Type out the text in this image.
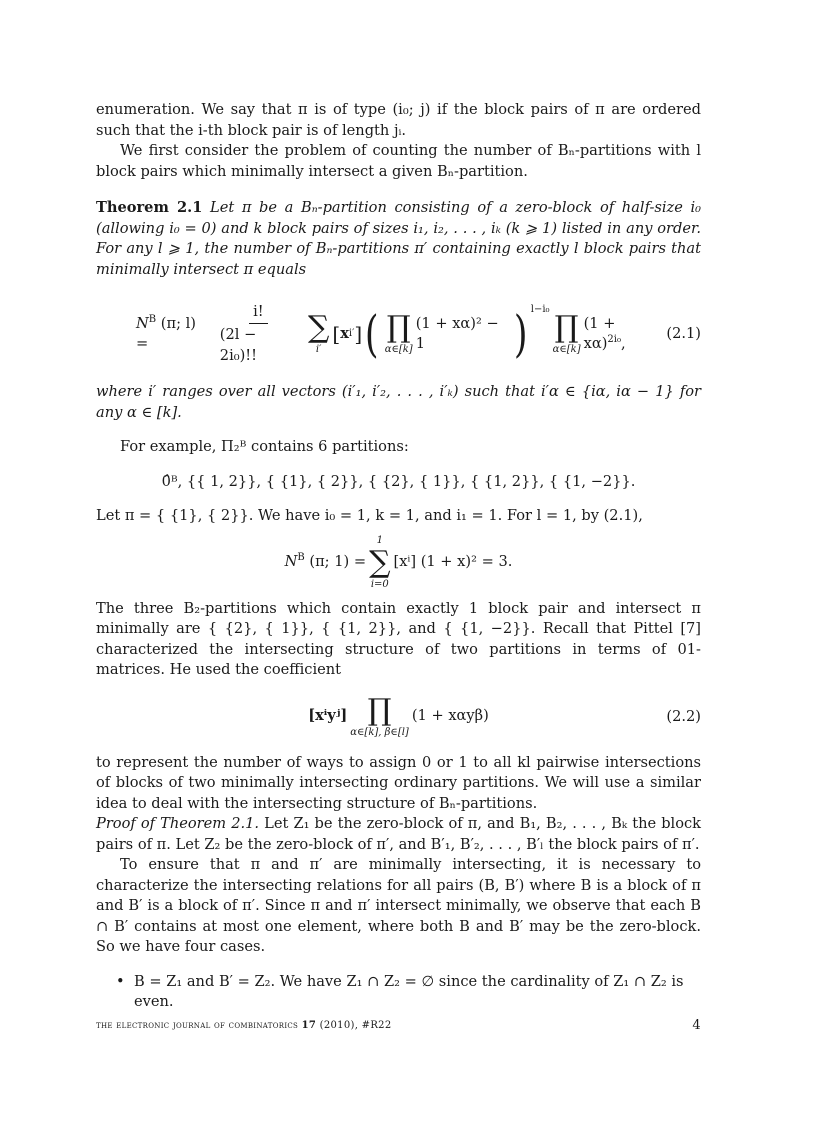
enumeration. We say that π is of type (i₀; j) if the block pairs of π are ordered such that the i-th block pair is of length jᵢ.

We first consider the problem of counting the number of Bₙ-partitions with l block pairs which minimally intersect a given Bₙ-partition.

Theorem 2.1 Let π be a Bₙ-partition consisting of a zero-block of half-size i₀ (allowing i₀ = 0) and k block pairs of sizes i₁, i₂, . . . , iₖ (k ⩾ 1) listed in any order. For any l ⩾ 1, the number of Bₙ-partitions π′ containing exactly l block pairs that minimally intersect π equals

$N^B$ (π; l) =	$\frac{i!}{\text{(2l − 2i₀)!!}}$ ∑
i′
[ x i′ ] ( ∏
α∈[k]
(1 + xα)² − 1	) $^{l-i_0}$
∏
α∈[k]
$(1 + x\alpha)^{2i_0}$,
(2.1)

where i′ ranges over all vectors (i′₁, i′₂, . . . , i′ₖ) such that i′α ∈ {iα, iα − 1} for any α ∈ [k].

For example, Π₂ᴮ contains 6 partitions:

0̂ᴮ, {{ 1, 2}}, { {1}, { 2}}, { {2}, { 1}}, { {1, 2}}, { {1, −2}}.

Let π = { {1}, { 2}}. We have i₀ = 1, k = 1, and i₁ = 1. For l = 1, by (2.1),

$N^B$ (π; 1) =
1
∑
i=0
[xⁱ] (1 + x)² = 3.

The three B₂-partitions which contain exactly 1 block pair and intersect π minimally are { {2}, { 1}}, { {1, 2}}, and { {1, −2}}. Recall that Pittel [7] characterized the intersecting structure of two partitions in terms of 01-matrices. He used the coefficient

[xⁱyʲ] ∏
α∈[k], β∈[l]
(1 + xαyβ)	(2.2)

to represent the number of ways to assign 0 or 1 to all kl pairwise intersections of blocks of two minimally intersecting ordinary partitions. We will use a similar idea to deal with the intersecting structure of Bₙ-partitions.

Proof of Theorem 2.1. Let Z₁ be the zero-block of π, and B₁, B₂, . . . , Bₖ the block pairs of π. Let Z₂ be the zero-block of π′, and B′₁, B′₂, . . . , B′ₗ the block pairs of π′.

To ensure that π and π′ are minimally intersecting, it is necessary to characterize the intersecting relations for all pairs (B, B′) where B is a block of π and B′ is a block of π′. Since π and π′ intersect minimally, we observe that each B ∩ B′ contains at most one element, where both B and B′ may be the zero-block. So we have four cases.

• B = Z₁ and B′ = Z₂. We have Z₁ ∩ Z₂ = ∅ since the cardinality of Z₁ ∩ Z₂ is even.
the electronic journal of combinatorics 17 (2010), #R22	4
